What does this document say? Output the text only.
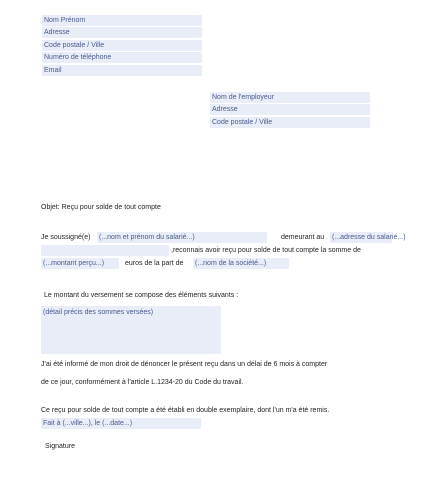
Nom Prénom
Adresse
Code postale / Ville
Numéro de téléphone
Email
Nom de l'employeur
Adresse
Code postale / Ville
Objet: Reçu pour solde de tout compte
Je soussigné(e) (...nom et prénom du salarié...)	demeurant au (...adresse du salarié...)
,reconnais avoir reçu pour solde de tout compte la somme de
(...montant perçu...)	euros de la part de (...nom de la société...)
Le montant du versement se compose des éléments suivants :
(détail précis des sommes versées)
J'ai été informé de mon droit de dénoncer le présent reçu dans un délai de 6 mois à compter
de ce jour, conformément à l'article L.1234-20 du Code du travail.
Ce reçu pour solde de tout compte a été établi en double exemplaire, dont l'un m'a été remis.
Fait à (...ville...), le (...date...)
Signature
